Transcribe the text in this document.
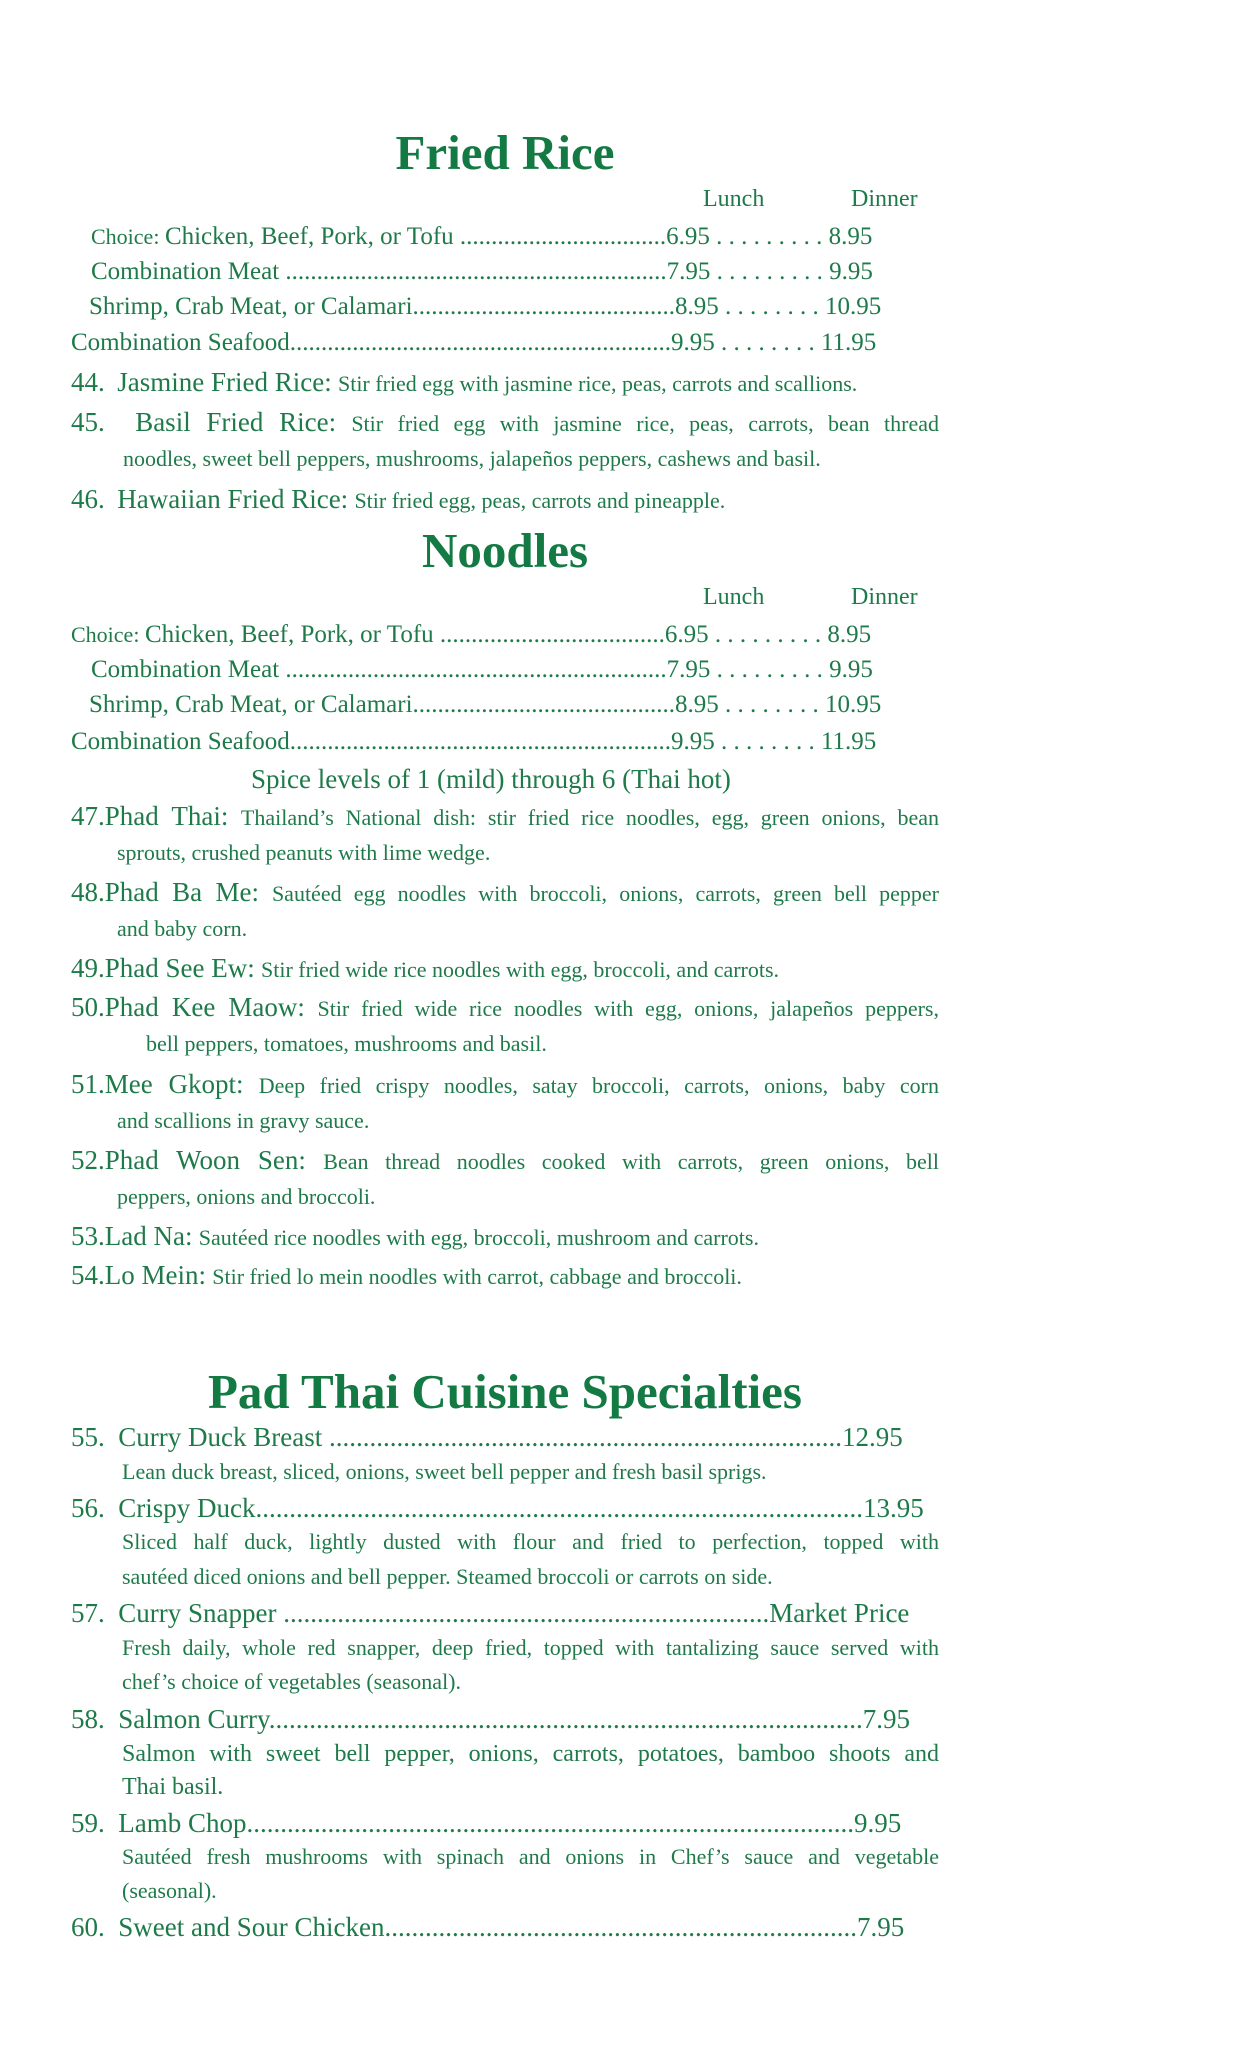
Fried Rice
Lunch	Dinner
Choice: Chicken, Beef, Pork, or Tofu .................................6.95 . . . . . . . . . 8.95
Combination Meat .............................................................7.95 . . . . . . . . . 9.95
Shrimp, Crab Meat, or Calamari..........................................8.95 . . . . . . . . 10.95
Combination Seafood.............................................................9.95 . . . . . . . . 11.95
44. Jasmine Fried Rice: Stir fried egg with jasmine rice, peas, carrots and scallions.
45. Basil Fried Rice: Stir fried egg with jasmine rice, peas, carrots, bean thread
noodles, sweet bell peppers, mushrooms, jalapeños peppers, cashews and basil.
46. Hawaiian Fried Rice: Stir fried egg, peas, carrots and pineapple.
Noodles
Lunch	Dinner
Choice: Chicken, Beef, Pork, or Tofu ....................................6.95 . . . . . . . . . 8.95
Combination Meat .............................................................7.95 . . . . . . . . . 9.95
Shrimp, Crab Meat, or Calamari..........................................8.95 . . . . . . . . 10.95
Combination Seafood.............................................................9.95 . . . . . . . . 11.95
Spice levels of 1 (mild) through 6 (Thai hot)
47.Phad Thai: Thailand’s National dish: stir fried rice noodles, egg, green onions, bean
sprouts, crushed peanuts with lime wedge.
48.Phad Ba Me: Sautéed egg noodles with broccoli, onions, carrots, green bell pepper
and baby corn.
49.Phad See Ew: Stir fried wide rice noodles with egg, broccoli, and carrots.
50.Phad Kee Maow: Stir fried wide rice noodles with egg, onions, jalapeños peppers,
bell peppers, tomatoes, mushrooms and basil.
51.Mee Gkopt: Deep fried crispy noodles, satay broccoli, carrots, onions, baby corn
and scallions in gravy sauce.
52.Phad Woon Sen: Bean thread noodles cooked with carrots, green onions, bell
peppers, onions and broccoli.
53.Lad Na: Sautéed rice noodles with egg, broccoli, mushroom and carrots.
54.Lo Mein: Stir fried lo mein noodles with carrot, cabbage and broccoli.
Pad Thai Cuisine Specialties
55. Curry Duck Breast ............................................................................12.95
Lean duck breast, sliced, onions, sweet bell pepper and fresh basil sprigs.
56. Crispy Duck..........................................................................................13.95
Sliced half duck, lightly dusted with flour and fried to perfection, topped with
sautéed diced onions and bell pepper. Steamed broccoli or carrots on side.
57. Curry Snapper ........................................................................Market Price
Fresh daily, whole red snapper, deep fried, topped with tantalizing sauce served with
chef’s choice of vegetables (seasonal).
58. Salmon Curry........................................................................................7.95
Salmon with sweet bell pepper, onions, carrots, potatoes, bamboo shoots and
Thai basil.
59. Lamb Chop..........................................................................................9.95
Sautéed fresh mushrooms with spinach and onions in Chef’s sauce and vegetable
(seasonal).
60. Sweet and Sour Chicken......................................................................7.95
